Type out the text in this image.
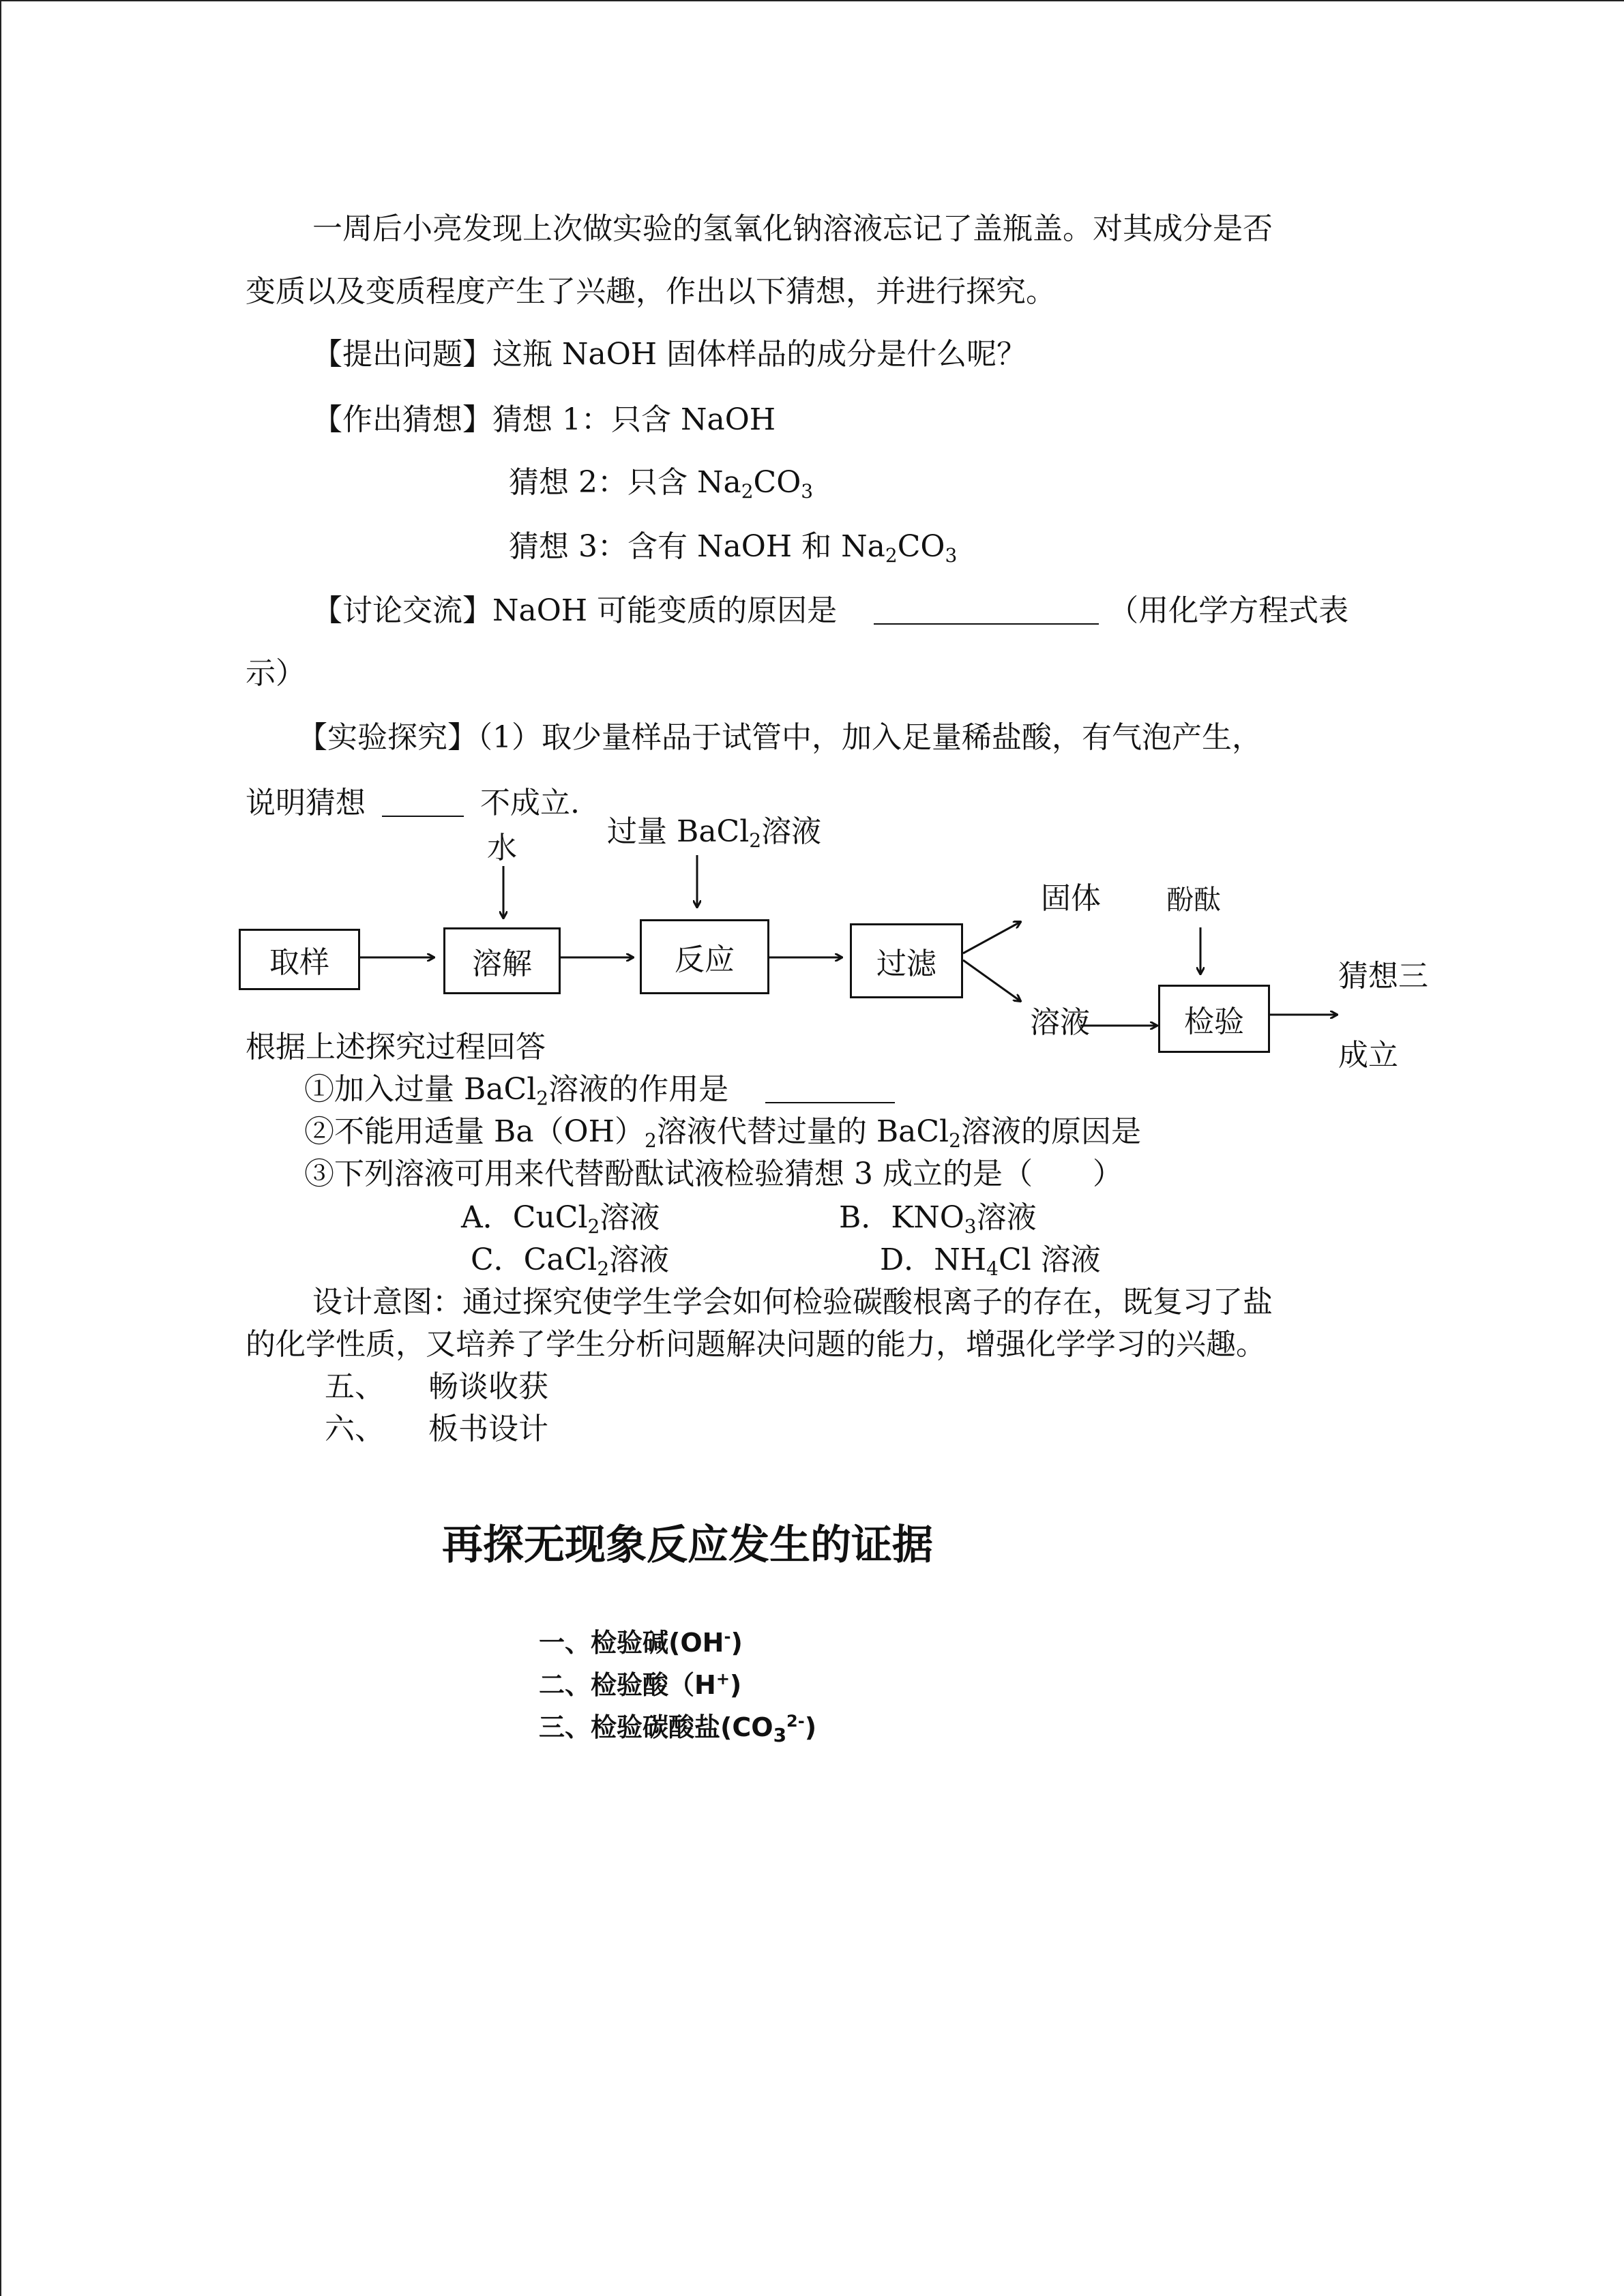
一周后小亮发现上次做实验的氢氧化钠溶液忘记了盖瓶盖。对其成分是否
变质以及变质程度产生了兴趣，作出以下猜想，并进行探究。
【提出问题】这瓶 NaOH 固体样品的成分是什么呢？
【作出猜想】猜想 1：只含 NaOH
猜想 2：只含 $Na_2CO_3$
猜想 3：含有 NaOH 和 $Na_2CO_3$
【讨论交流】NaOH 可能变质的原因是	（用化学方程式表
示）
【实验探究】（1）取少量样品于试管中，加入足量稀盐酸，有气泡产生，
说明猜想	不成立.
取样	溶解	反应	过滤
检验
水	过量 BaCl$_2$溶液
固体
溶液
酚酞
猜想三
成立
根据上述探究过程回答
①加入过量 BaCl$_2$溶液的作用是
②不能用适量 $Ba(OH)_2$溶液代替过量的 BaCl$_2$溶液的原因是
③下列溶液可用来代替酚酞试液检验猜想 3 成立的是（　　）
A．CuCl$_2$溶液	B．$KNO_3$溶液
C．CaCl$_2$溶液	D．$NH_4Cl$ 溶液
设计意图：通过探究使学生学会如何检验碳酸根离子的存在，既复习了盐
的化学性质，又培养了学生分析问题解决问题的能力，增强化学学习的兴趣。
五、 畅谈收获
六、 板书设计
再探无现象反应发生的证据
一、检验碱(OH-)
二、检验酸（H+)
三、检验碳酸盐$(CO_3^{2-})$
